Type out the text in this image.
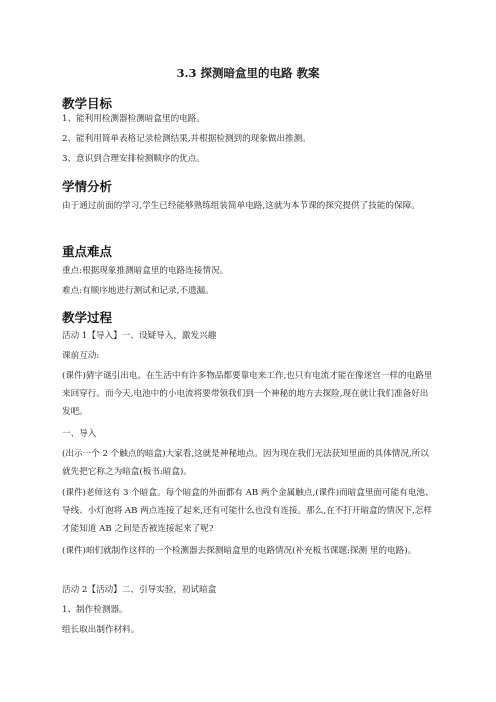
3.3 探测暗盒里的电路 教案
教学目标
1、能利用检测器检测暗盒里的电路。
2、能利用简单表格记录检测结果,并根据检测到的现象做出推测。
3、意识到合理安排检测顺序的优点。
学情分析
由于通过前面的学习,学生已经能够熟练组装简单电路,这就为本节课的探究提供了技能的保障。
重点难点
重点:根据现象推测暗盒里的电路连接情况。
难点:有顺序地进行测试和记录,不遗漏。
教学过程
活动 1【导入】一、设疑导入，激发兴趣
课前互动:
(课件)猜字谜引出电。在生活中有许多物品都要靠电来工作,也只有电流才能在像迷宫一样的电路里来回穿行。而今天,电池中的小电流将要带领我们到一个神秘的地方去探险,现在就让我们准备好出发吧。
一、导入
(出示一个 2 个触点的暗盒)大家看,这就是神秘地点。因为现在我们无法获知里面的具体情况,所以就先把它称之为暗盒(板书:暗盒)。
(课件)老师这有 3 个暗盒。每个暗盒的外面都有 AB 两个金属触点,(课件)而暗盒里面可能有电池、导线、小灯泡将 AB 两点连接了起来,还有可能什么也没有连接。那么,在不打开暗盒的情况下,怎样才能知道 AB 之间是否被连接起来了呢?
(课件)咱们就制作这样的一个检测器去探测暗盒里的电路情况(补充板书课题:探测 里的电路)。
活动 2【活动】二、引导实验，初试暗盒
1、制作检测器。
组长取出制作材料。
